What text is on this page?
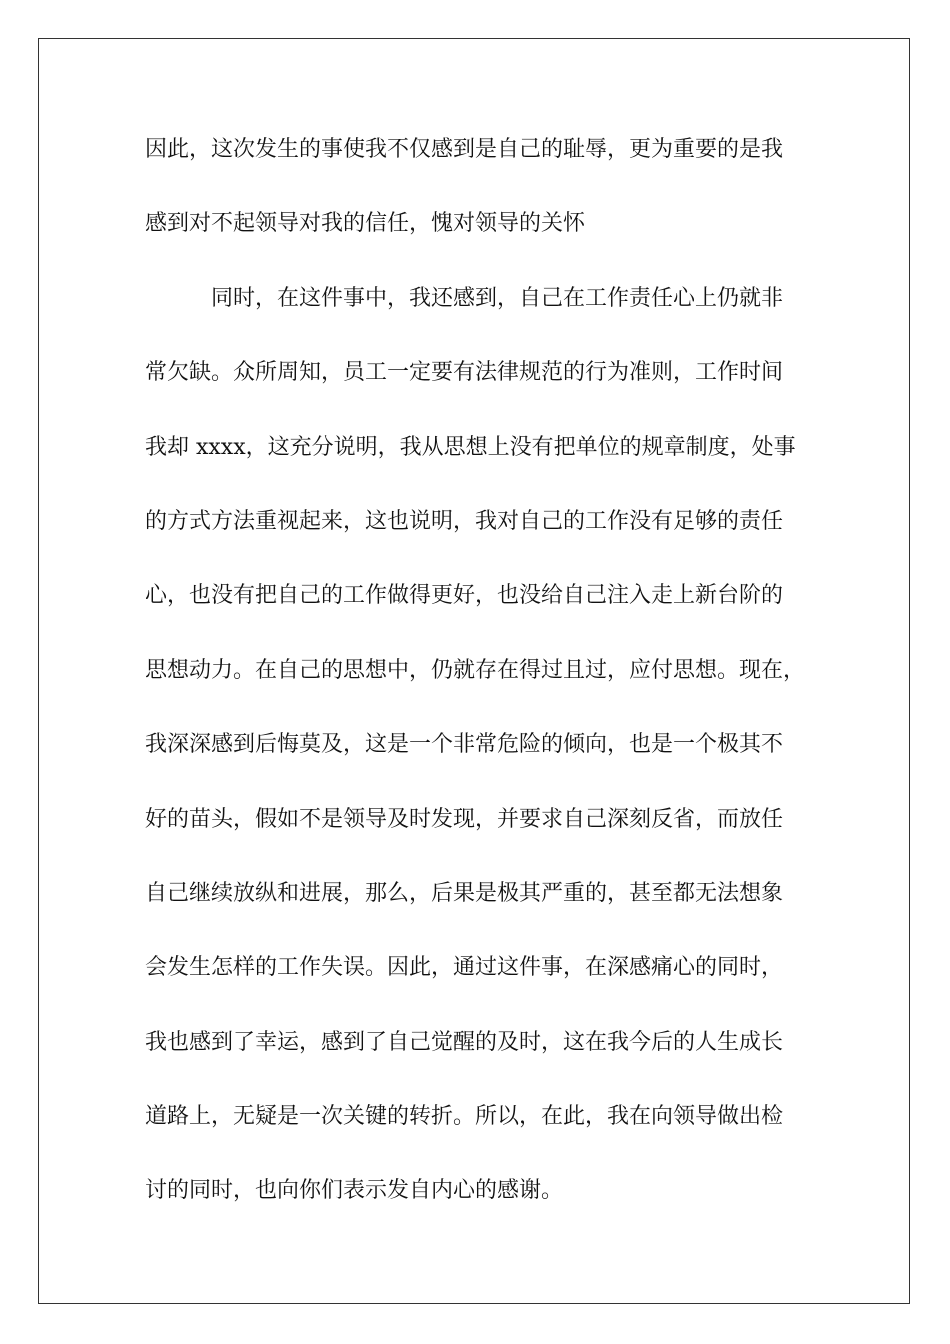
因此，这次发生的事使我不仅感到是自己的耻辱，更为重要的是我
感到对不起领导对我的信任，愧对领导的关怀
同时，在这件事中，我还感到，自己在工作责任心上仍就非
常欠缺。众所周知，员工一定要有法律规范的行为准则，工作时间
我却 xxxx，这充分说明，我从思想上没有把单位的规章制度，处事
的方式方法重视起来，这也说明，我对自己的工作没有足够的责任
心，也没有把自己的工作做得更好，也没给自己注入走上新台阶的
思想动力。在自己的思想中，仍就存在得过且过，应付思想。现在，
我深深感到后悔莫及，这是一个非常危险的倾向，也是一个极其不
好的苗头，假如不是领导及时发现，并要求自己深刻反省，而放任
自己继续放纵和进展，那么，后果是极其严重的，甚至都无法想象
会发生怎样的工作失误。因此，通过这件事，在深感痛心的同时，
我也感到了幸运，感到了自己觉醒的及时，这在我今后的人生成长
道路上，无疑是一次关键的转折。所以，在此，我在向领导做出检
讨的同时，也向你们表示发自内心的感谢。
